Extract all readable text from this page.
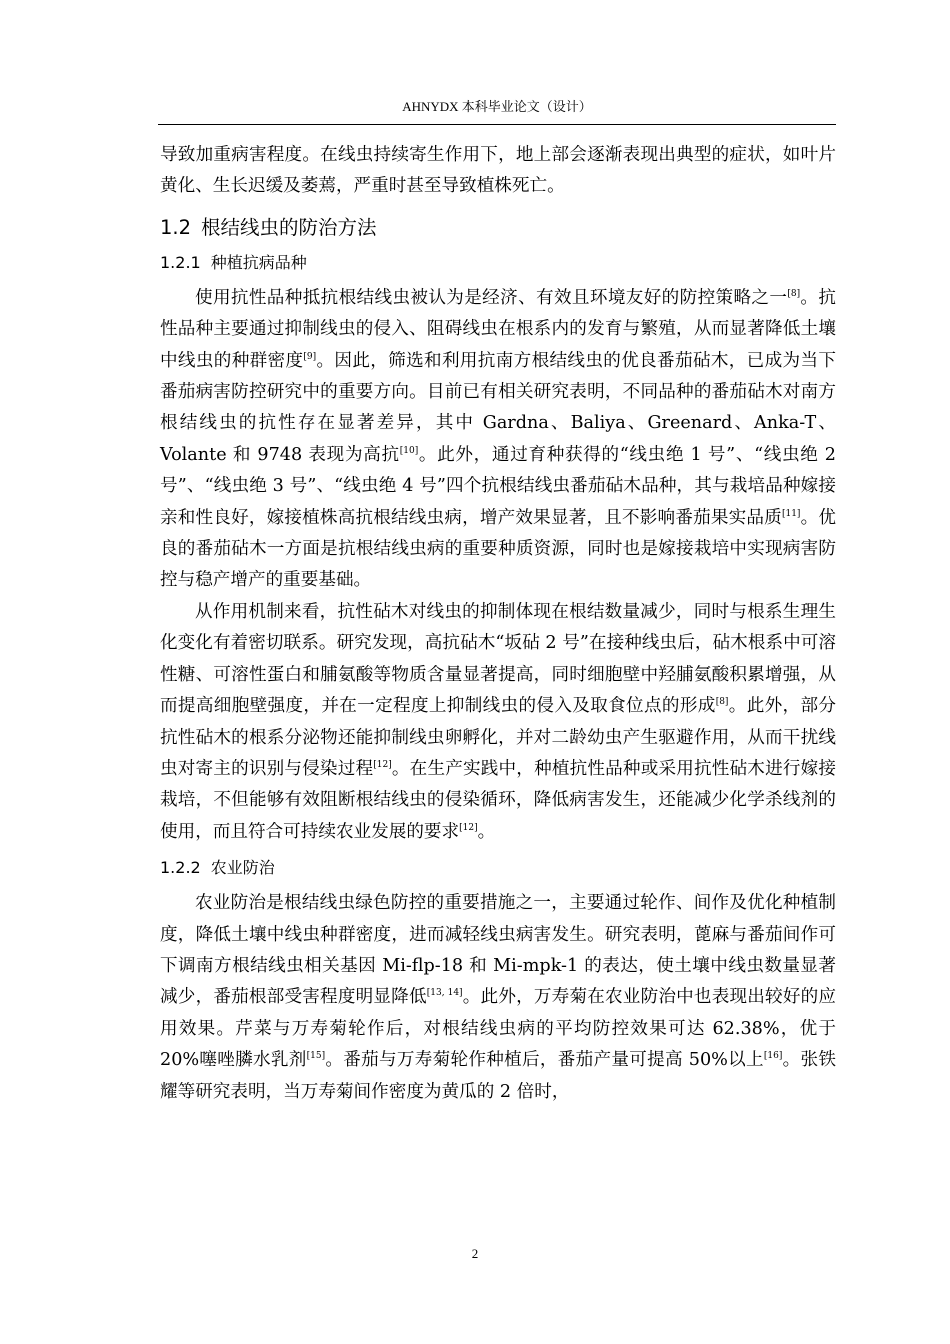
AHNYDX 本科毕业论文（设计）

导致加重病害程度。在线虫持续寄生作用下，地上部会逐渐表现出典型的症状，如叶片黄化、生长迟缓及萎蔫，严重时甚至导致植株死亡。

1.2 根结线虫的防治方法
1.2.1 种植抗病品种

使用抗性品种抵抗根结线虫被认为是经济、有效且环境友好的防控策略之一[8]。抗性品种主要通过抑制线虫的侵入、阻碍线虫在根系内的发育与繁殖，从而显著降低土壤中线虫的种群密度[9]。因此，筛选和利用抗南方根结线虫的优良番茄砧木，已成为当下番茄病害防控研究中的重要方向。目前已有相关研究表明，不同品种的番茄砧木对南方根结线虫的抗性存在显著差异，其中 Gardna、Baliya、Greenard、Anka-T、Volante 和 9748 表现为高抗[10]。此外，通过育种获得的“线虫绝 1 号”、“线虫绝 2 号”、“线虫绝 3 号”、“线虫绝 4 号”四个抗根结线虫番茄砧木品种，其与栽培品种嫁接亲和性良好，嫁接植株高抗根结线虫病，增产效果显著，且不影响番茄果实品质[11]。优良的番茄砧木一方面是抗根结线虫病的重要种质资源，同时也是嫁接栽培中实现病害防控与稳产增产的重要基础。

从作用机制来看，抗性砧木对线虫的抑制体现在根结数量减少，同时与根系生理生化变化有着密切联系。研究发现，高抗砧木“坂砧 2 号”在接种线虫后，砧木根系中可溶性糖、可溶性蛋白和脯氨酸等物质含量显著提高，同时细胞壁中羟脯氨酸积累增强，从而提高细胞壁强度，并在一定程度上抑制线虫的侵入及取食位点的形成[8]。此外，部分抗性砧木的根系分泌物还能抑制线虫卵孵化，并对二龄幼虫产生驱避作用，从而干扰线虫对寄主的识别与侵染过程[12]。在生产实践中，种植抗性品种或采用抗性砧木进行嫁接栽培，不但能够有效阻断根结线虫的侵染循环，降低病害发生，还能减少化学杀线剂的使用，而且符合可持续农业发展的要求[12]。

1.2.2 农业防治

农业防治是根结线虫绿色防控的重要措施之一，主要通过轮作、间作及优化种植制度，降低土壤中线虫种群密度，进而减轻线虫病害发生。研究表明，蓖麻与番茄间作可下调南方根结线虫相关基因 Mi-flp-18 和 Mi-mpk-1 的表达，使土壤中线虫数量显著减少，番茄根部受害程度明显降低[13, 14]。此外，万寿菊在农业防治中也表现出较好的应用效果。芹菜与万寿菊轮作后，对根结线虫病的平均防控效果可达 62.38%，优于 20%噻唑膦水乳剂[15]。番茄与万寿菊轮作种植后，番茄产量可提高 50%以上[16]。张铁耀等研究表明，当万寿菊间作密度为黄瓜的 2 倍时，

2
